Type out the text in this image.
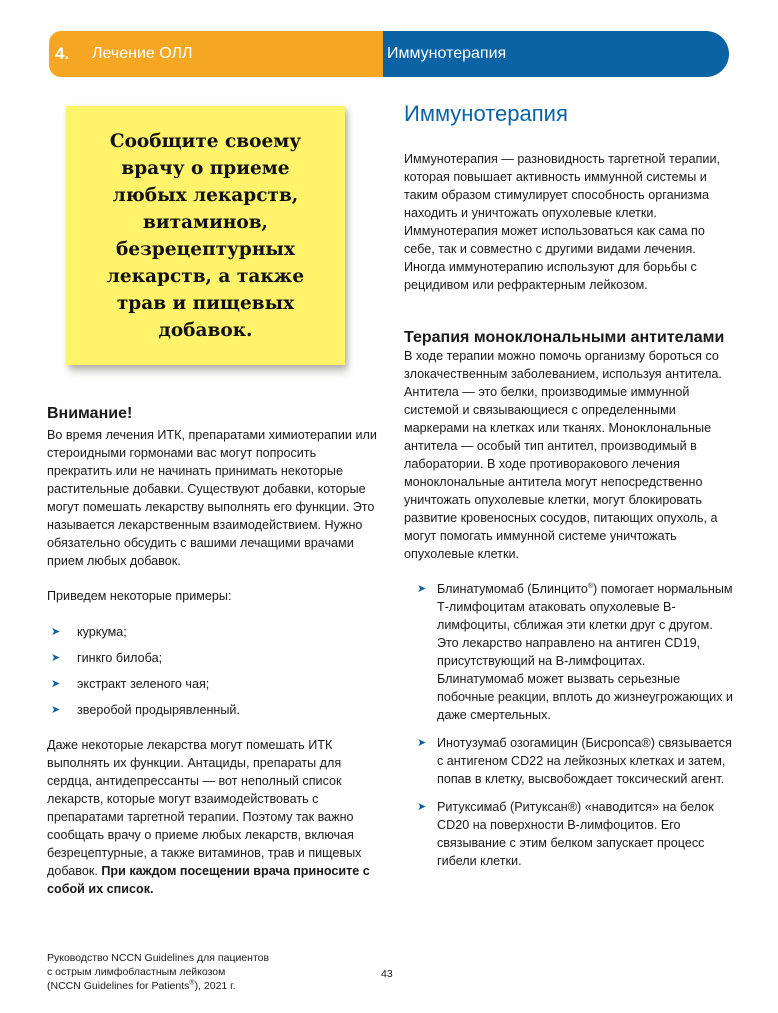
4. Лечение ОЛЛ	Иммунотерапия
Сообщите своему врачу о приеме любых лекарств, витаминов, безрецептурных лекарств, а также трав и пищевых добавок.
Внимание!

Во время лечения ИТК, препаратами химиотерапии или стероидными гормонами вас могут попросить прекратить или не начинать принимать некоторые растительные добавки. Существуют добавки, которые могут помешать лекарству выполнять его функции. Это называется лекарственным взаимодействием. Нужно обязательно обсудить с вашими лечащими врачами прием любых добавок.

Приведем некоторые примеры:

➤ куркума;
➤ гинкго билоба;
➤ экстракт зеленого чая;
➤ зверобой продырявленный.

Даже некоторые лекарства могут помешать ИТК выполнять их функции. Антациды, препараты для сердца, антидепрессанты — вот неполный список лекарств, которые могут взаимодействовать с препаратами таргетной терапии. Поэтому так важно сообщать врачу о приеме любых лекарств, включая безрецептурные, а также витаминов, трав и пищевых добавок. При каждом посещении врача приносите с собой их список.

Иммунотерапия

Иммунотерапия — разновидность таргетной терапии, которая повышает активность иммунной системы и таким образом стимулирует способность организма находить и уничтожать опухолевые клетки. Иммунотерапия может использоваться как сама по себе, так и совместно с другими видами лечения. Иногда иммунотерапию используют для борьбы с рецидивом или рефрактерным лейкозом.

Терапия моноклональными антителами

В ходе терапии можно помочь организму бороться со злокачественным заболеванием, используя антитела. Антитела — это белки, производимые иммунной системой и связывающиеся с определенными маркерами на клетках или тканях. Моноклональные антитела — особый тип антител, производимый в лаборатории. В ходе противоракового лечения моноклональные антитела могут непосредственно уничтожать опухолевые клетки, могут блокировать развитие кровеносных сосудов, питающих опухоль, а могут помогать иммунной системе уничтожать опухолевые клетки.

➤ Блинатумомаб (Блинцито®) помогает нормальным Т-лимфоцитам атаковать опухолевые В-лимфоциты, сближая эти клетки друг с другом. Это лекарство направлено на антиген CD19, присутствующий на В-лимфоцитах. Блинатумомаб может вызвать серьезные побочные реакции, вплоть до жизнеугрожающих и даже смертельных.
➤ Инотузумаб озогамицин (Бисponса®) связывается с антигеном CD22 на лейкозных клетках и затем, попав в клетку, высвобождает токсический агент.
➤ Ритуксимаб (Ритуксан®) «наводится» на белок CD20 на поверхности В-лимфоцитов. Его связывание с этим белком запускает процесс гибели клетки.
Руководство NCCN Guidelines для пациентов
с острым лимфобластным лейкозом
(NCCN Guidelines for Patients®), 2021 г.
43
